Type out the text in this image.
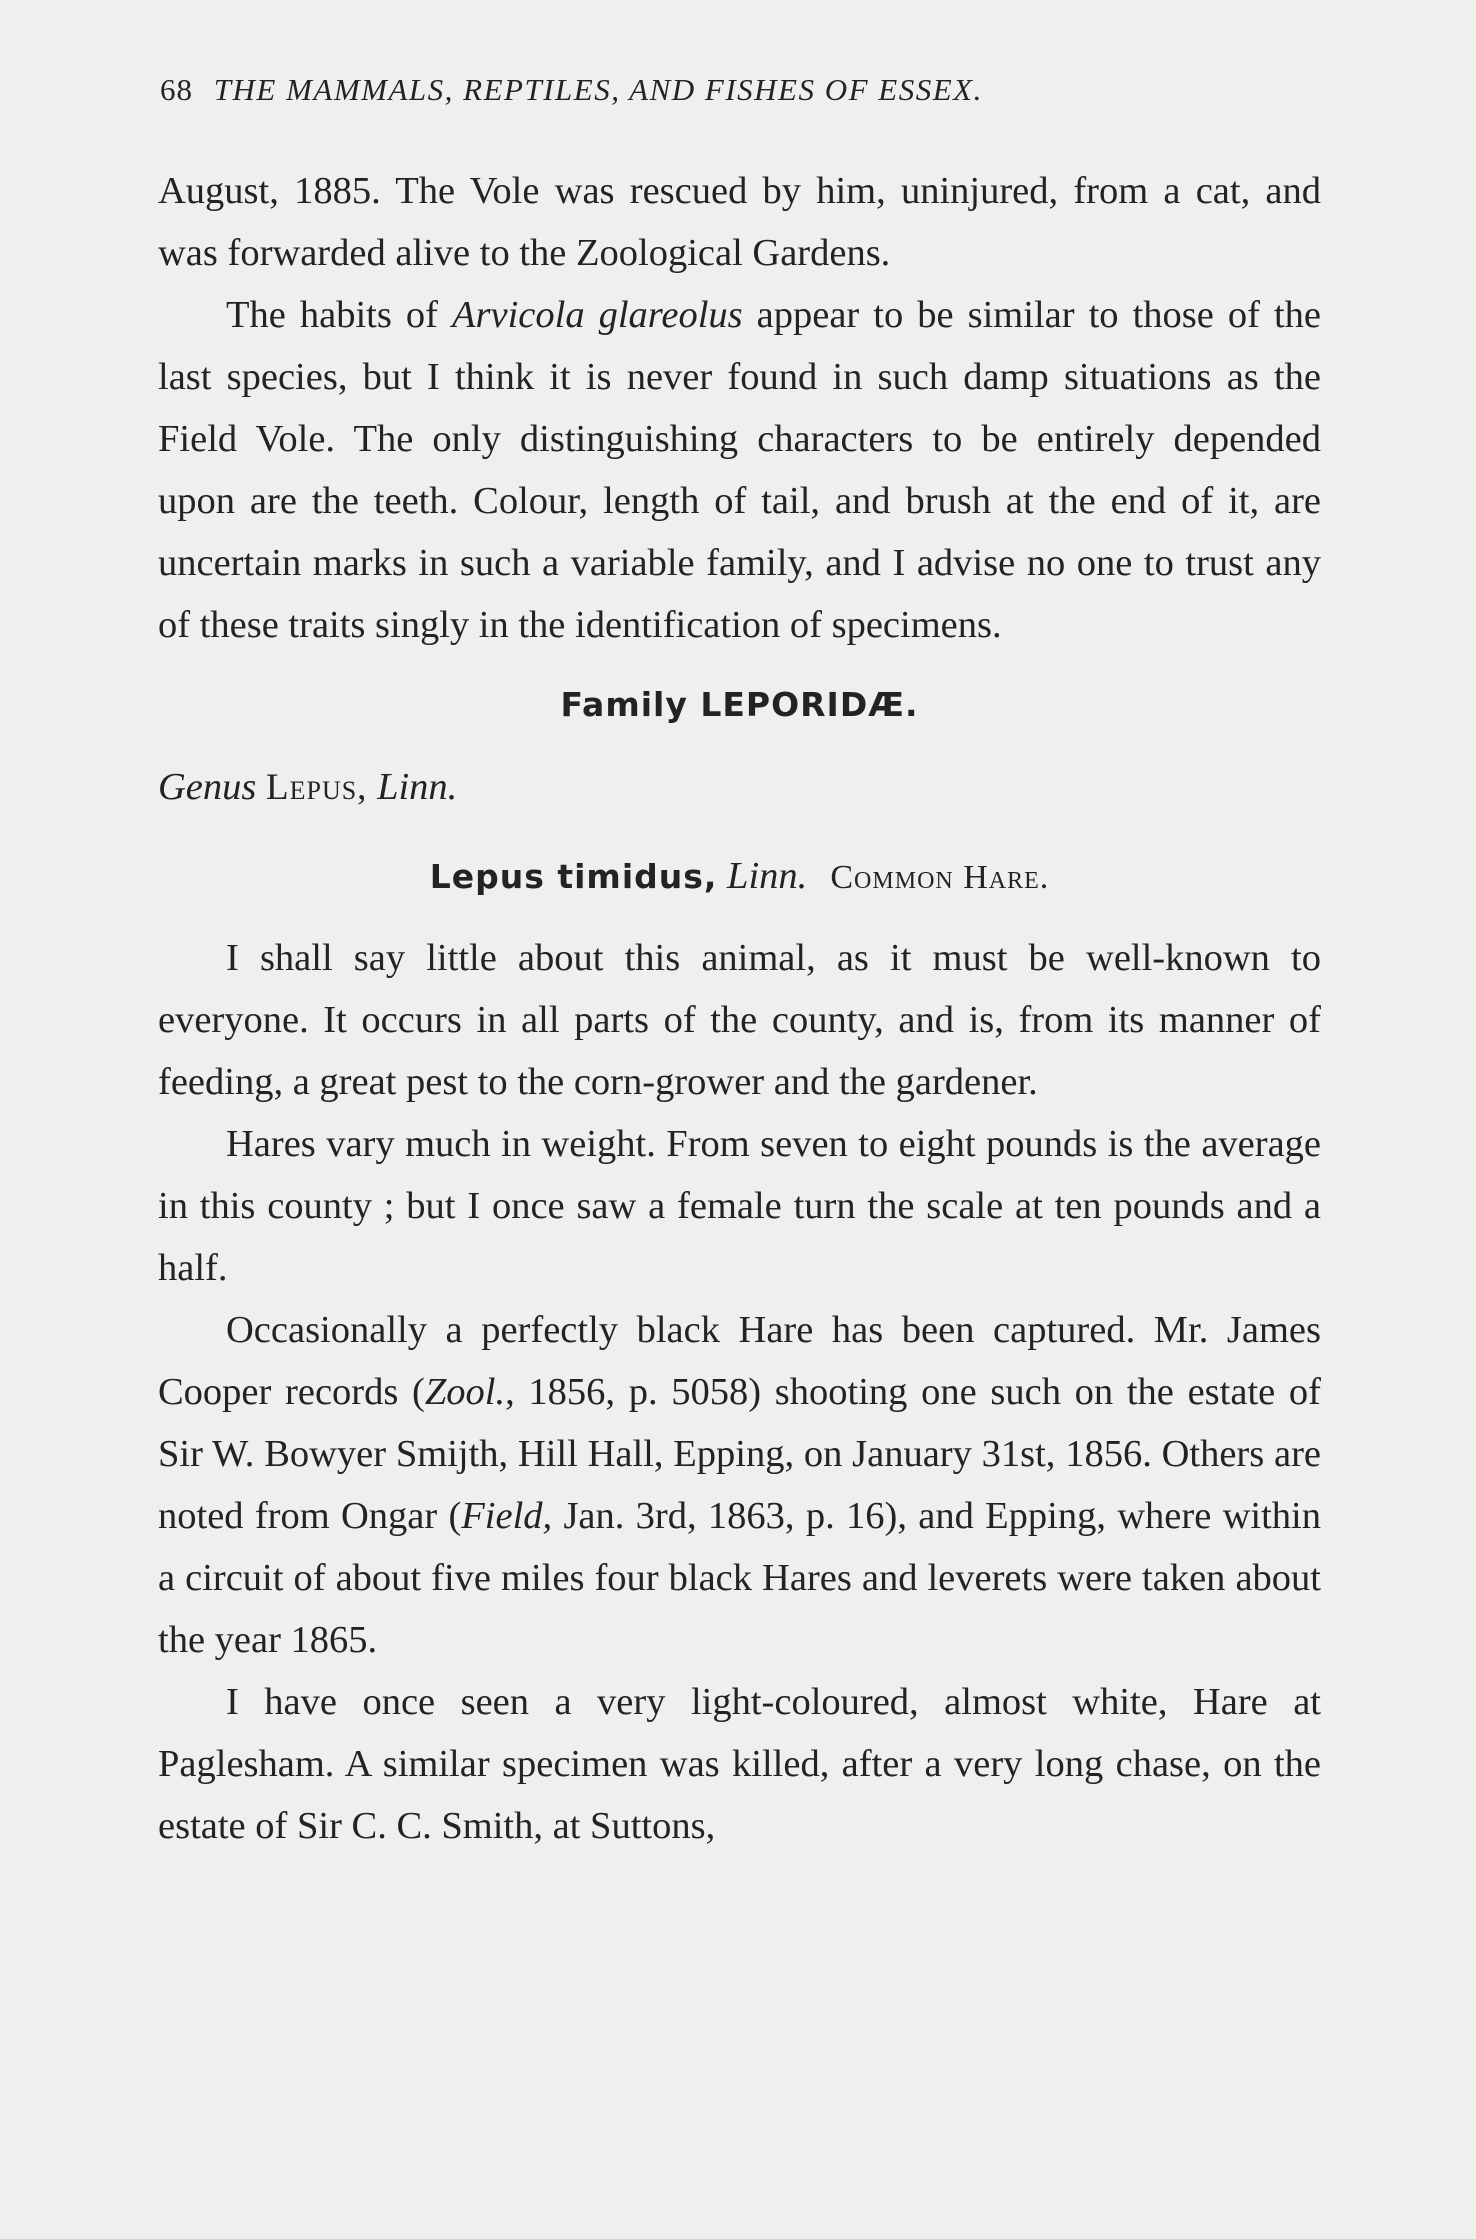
68 THE MAMMALS, REPTILES, AND FISHES OF ESSEX.

August, 1885. The Vole was rescued by him, uninjured, from a cat, and was forwarded alive to the Zoological Gardens.

The habits of Arvicola glareolus appear to be similar to those of the last species, but I think it is never found in such damp situations as the Field Vole. The only distinguishing characters to be entirely depended upon are the teeth. Colour, length of tail, and brush at the end of it, are uncertain marks in such a variable family, and I advise no one to trust any of these traits singly in the identification of specimens.

Family LEPORIDÆ.

Genus Lepus, Linn.

Lepus timidus, Linn. Common Hare.

I shall say little about this animal, as it must be well-known to everyone. It occurs in all parts of the county, and is, from its manner of feeding, a great pest to the corn-grower and the gardener.

Hares vary much in weight. From seven to eight pounds is the average in this county ; but I once saw a female turn the scale at ten pounds and a half.

Occasionally a perfectly black Hare has been captured. Mr. James Cooper records (Zool., 1856, p. 5058) shooting one such on the estate of Sir W. Bowyer Smijth, Hill Hall, Epping, on January 31st, 1856. Others are noted from Ongar (Field, Jan. 3rd, 1863, p. 16), and Epping, where within a circuit of about five miles four black Hares and leverets were taken about the year 1865.

I have once seen a very light-coloured, almost white, Hare at Paglesham. A similar specimen was killed, after a very long chase, on the estate of Sir C. C. Smith, at Suttons,
